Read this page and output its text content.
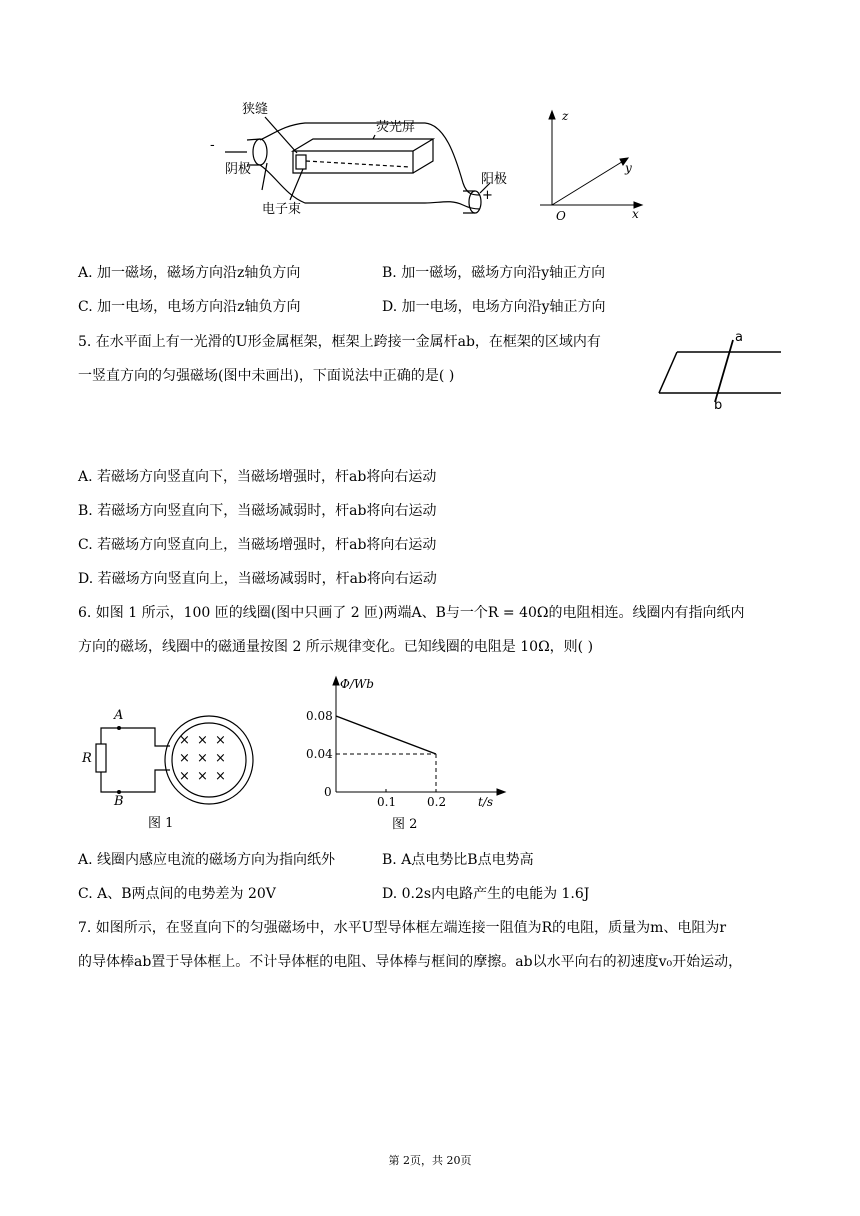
狭缝
荧光屏
阴极
阳极
电子束
-
+
z
y
x
O
A. 加一磁场，磁场方向沿z轴负方向	B. 加一磁场，磁场方向沿y轴正方向
C. 加一电场，电场方向沿z轴负方向	D. 加一电场，电场方向沿y轴正方向
5. 在水平面上有一光滑的U形金属框架，框架上跨接一金属杆ab，在框架的区域内有
一竖直方向的匀强磁场(图中未画出)，下面说法中正确的是( )
a
b
A. 若磁场方向竖直向下，当磁场增强时，杆ab将向右运动
B. 若磁场方向竖直向下，当磁场减弱时，杆ab将向右运动
C. 若磁场方向竖直向上，当磁场增强时，杆ab将向右运动
D. 若磁场方向竖直向上，当磁场减弱时，杆ab将向右运动
6. 如图 1 所示，100 匝的线圈(图中只画了 2 匝)两端A、B与一个R = 40Ω的电阻相连。线圈内有指向纸内
方向的磁场，线圈中的磁通量按图 2 所示规律变化。已知线圈的电阻是 10Ω，则( )
× × ×
× × ×
× × ×
A
B
R
图 1
0.08
0.04
0.1	0.2
Φ/Wb
t/s
0
图 2
A. 线圈内感应电流的磁场方向为指向纸外	B. A点电势比B点电势高
C. A、B两点间的电势差为 20V	D. 0.2s内电路产生的电能为 1.6J
7. 如图所示，在竖直向下的匀强磁场中，水平U型导体框左端连接一阻值为R的电阻，质量为m、电阻为r
的导体棒ab置于导体框上。不计导体框的电阻、导体棒与框间的摩擦。ab以水平向右的初速度v₀开始运动，
第 2页，共 20页
